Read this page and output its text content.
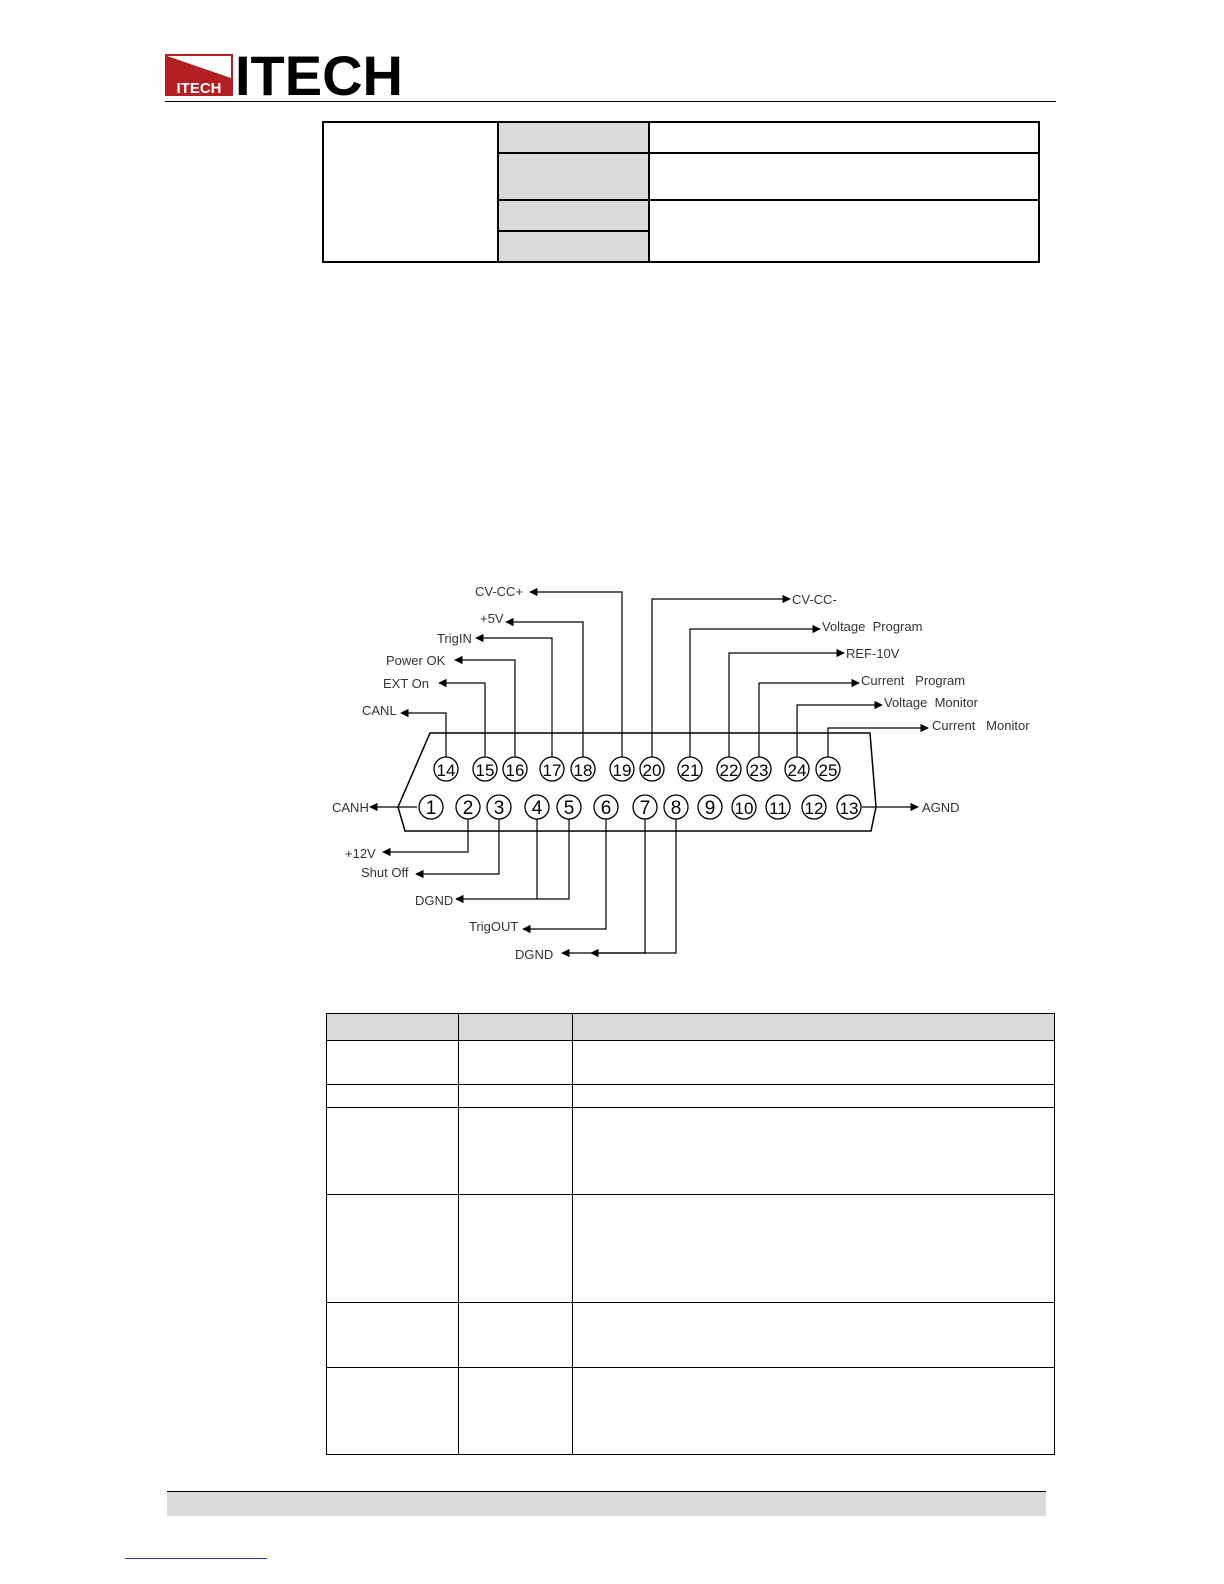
ITECH ITECH

14 15 16 17 18 19 20 21 22 23 24 25
1 2 3 4 5 6 7 8 9 10 11 12 13
CV-CC+
+5V
TrigIN
Power OK
EXT On
CANL
CV-CC-
Voltage  Program
REF-10V
Current   Program
Voltage  Monitor
Current   Monitor
CANH	AGND
+12V
Shut Off
DGND
TrigOUT
DGND
